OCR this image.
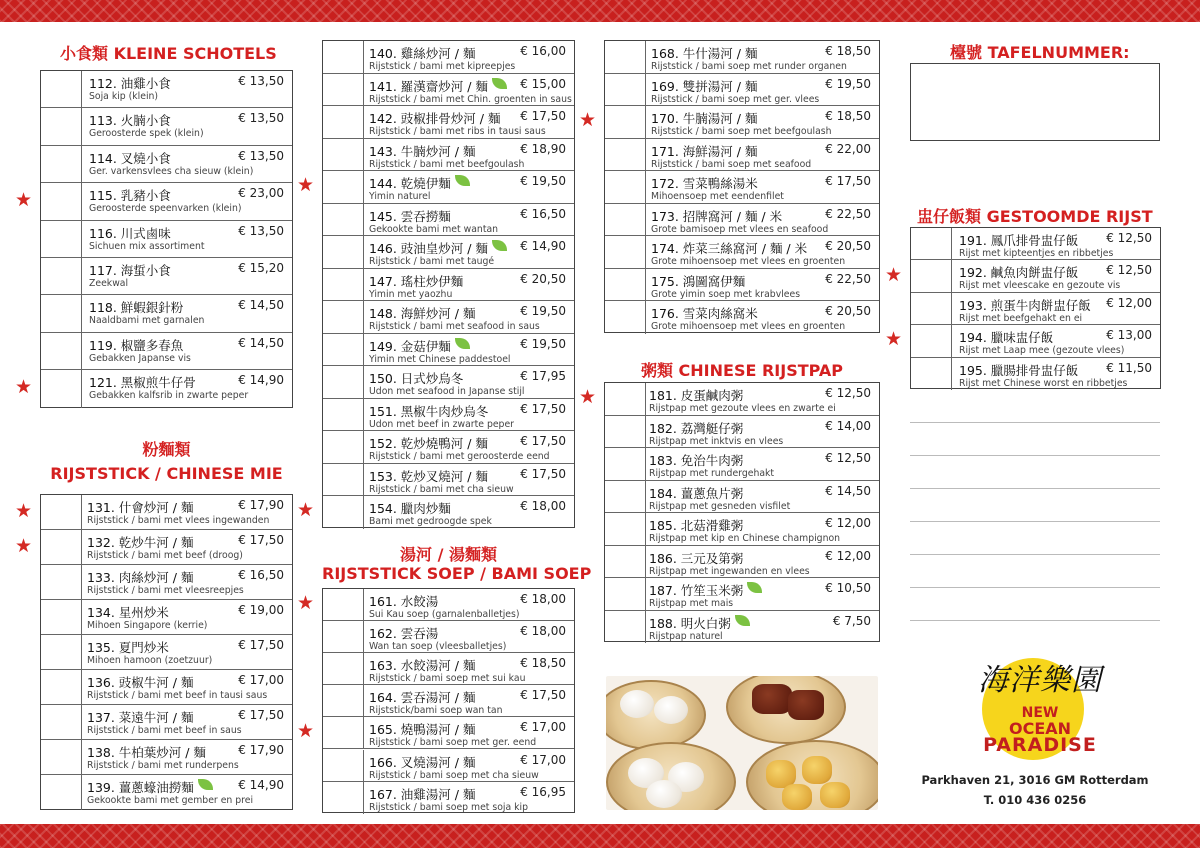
小食類 KLEINE SCHOTELS
112. 油雞小食	€ 13,50
Soja kip (klein)
113. 火腩小食	€ 13,50
Geroosterde spek (klein)
114. 叉燒小食	€ 13,50
Ger. varkensvlees cha sieuw (klein)
115. 乳豬小食	€ 23,00
Geroosterde speenvarken (klein)
116. 川式鹵味	€ 13,50
Sichuen mix assortiment
117. 海蜇小食	€ 15,20
Zeekwal
118. 鮮蝦銀針粉	€ 14,50
Naaldbami met garnalen
119. 椒鹽多春魚	€ 14,50
Gebakken Japanse vis
121. 黑椒煎牛仔骨	€ 14,90
Gebakken kalfsrib in zwarte peper
粉麵類
RIJSTSTICK / CHINESE MIE
131. 什會炒河 / 麵	€ 17,90
Rijststick / bami met vlees ingewanden
132. 乾炒牛河 / 麵	€ 17,50
Rijststick / bami met beef (droog)
133. 肉絲炒河 / 麵	€ 16,50
Rijststick / bami met vleesreepjes
134. 星州炒米	€ 19,00
Mihoen Singapore (kerrie)
135. 夏門炒米	€ 17,50
Mihoen hamoon (zoetzuur)
136. 豉椒牛河 / 麵	€ 17,00
Rijststick / bami met beef in tausi saus
137. 菜遠牛河 / 麵	€ 17,50
Rijststick / bami met beef in saus
138. 牛柏葉炒河 / 麵	€ 17,90
Rijststick / bami met runderpens
139. 薑蔥蠔油撈麵	€ 14,90
Gekookte bami met gember en prei
140. 雞絲炒河 / 麵	€ 16,00
Rijststick / bami met kipreepjes
141. 羅漢齋炒河 / 麵	€ 15,00
Rijststick / bami met Chin. groenten in saus
142. 豉椒排骨炒河 / 麵 € 17,50
Rijststick / bami met ribs in tausi saus
143. 牛腩炒河 / 麵	€ 18,90
Rijststick / bami met beefgoulash
144. 乾燒伊麵	€ 19,50
Yimin naturel
145. 雲吞撈麵	€ 16,50
Gekookte bami met wantan
146. 豉油皇炒河 / 麵	€ 14,90
Rijststick / bami met taugé
147. 瑤柱炒伊麵	€ 20,50
Yimin met yaozhu
148. 海鮮炒河 / 麵	€ 19,50
Rijststick / bami met seafood in saus
149. 金菇伊麵	€ 19,50
Yimin met Chinese paddestoel
150. 日式炒烏冬	€ 17,95
Udon met seafood in Japanse stijl
151. 黑椒牛肉炒烏冬	€ 17,50
Udon met beef in zwarte peper
152. 乾炒燒鴨河 / 麵	€ 17,50
Rijststick / bami met geroosterde eend
153. 乾炒叉燒河 / 麵	€ 17,50
Rijststick / bami met cha sieuw
154. 臘肉炒麵	€ 18,00
Bami met gedroogde spek
湯河 / 湯麵類
RIJSTSTICK SOEP / BAMI SOEP
161. 水餃湯	€ 18,00
Sui Kau soep (garnalenballetjes)
162. 雲吞湯	€ 18,00
Wan tan soep (vleesballetjes)
163. 水餃湯河 / 麵	€ 18,50
Rijststick / bami soep met sui kau
164. 雲吞湯河 / 麵	€ 17,50
Rijststick/bami soep wan tan
165. 燒鴨湯河 / 麵	€ 17,00
Rijststick / bami soep met ger. eend
166. 叉燒湯河 / 麵	€ 17,00
Rijststick / bami soep met cha sieuw
167. 油雞湯河 / 麵	€ 16,95
Rijststick / bami soep met soja kip
168. 牛什湯河 / 麵	€ 18,50
Rijststick / bami soep met runder organen
169. 雙拼湯河 / 麵	€ 19,50
Rijststick / bami soep met ger. vlees
170. 牛腩湯河 / 麵	€ 18,50
Rijststick / bami soep met beefgoulash
171. 海鮮湯河 / 麵	€ 22,00
Rijststick / bami soep met seafood
172. 雪菜鴨絲湯米	€ 17,50
Mihoensoep met eendenfilet
173. 招牌窩河 / 麵 / 米	€ 22,50
Grote bamisoep met vlees en seafood
174. 炸菜三絲窩河 / 麵 / 米 € 20,50
Grote mihoensoep met vlees en groenten
175. 鴻圖窩伊麵	€ 22,50
Grote yimin soep met krabvlees
176. 雪菜肉絲窩米	€ 20,50
Grote mihoensoep met vlees en groenten
粥類 CHINESE RIJSTPAP
181. 皮蛋鹹肉粥	€ 12,50
Rijstpap met gezoute vlees en zwarte ei
182. 荔灣艇仔粥	€ 14,00
Rijstpap met inktvis en vlees
183. 免治牛肉粥	€ 12,50
Rijstpap met rundergehakt
184. 薑蔥魚片粥	€ 14,50
Rijstpap met gesneden visfilet
185. 北菇滑雞粥	€ 12,00
Rijstpap met kip en Chinese champignon
186. 三元及第粥	€ 12,00
Rijstpap met ingewanden en vlees
187. 竹笙玉米粥	€ 10,50
Rijstpap met mais
188. 明火白粥	€ 7,50
Rijstpap naturel
檯號 TAFELNUMMER:
盅仔飯類 GESTOOMDE RIJST
191. 鳳爪排骨盅仔飯 € 12,50
Rijst met kipteentjes en ribbetjes
192. 鹹魚肉餅盅仔飯 € 12,50
Rijst met vleescake en gezoute vis
193. 煎蛋牛肉餅盅仔飯 € 12,00
Rijst met beefgehakt en ei
194. 臘味盅仔飯	€ 13,00
Rijst met Laap mee (gezoute vlees)
195. 臘腸排骨盅仔飯 € 11,50
Rijst met Chinese worst en ribbetjes
海洋樂園
NEW
OCEAN
PARADISE
Parkhaven 21, 3016 GM Rotterdam
T. 010 436 0256
★
★
★
★
★
★
★
★
★
★
★
★
